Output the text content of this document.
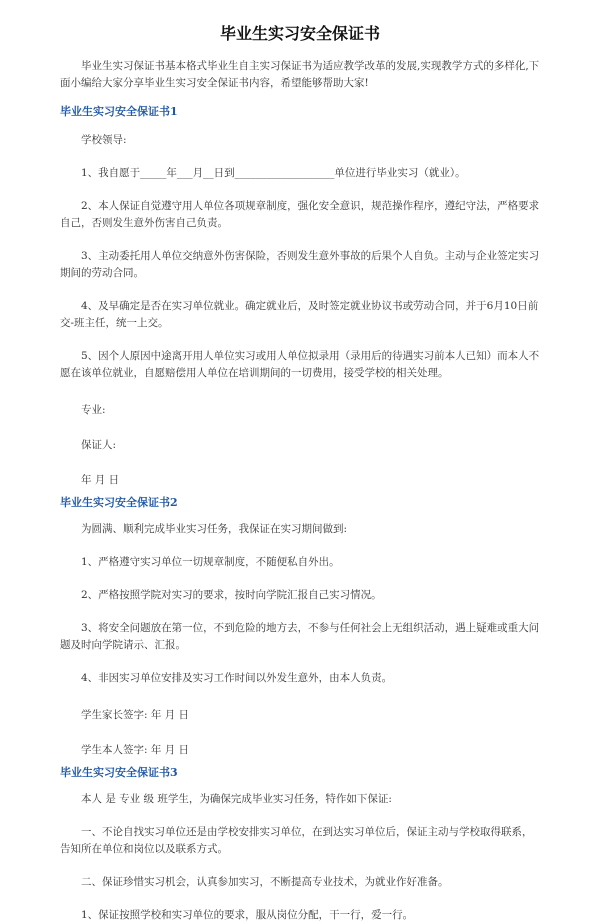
毕业生实习安全保证书

毕业生实习保证书基本格式毕业生自主实习保证书为适应教学改革的发展,实现教学方式的多样化,下面小编给大家分享毕业生实习安全保证书内容，希望能够帮助大家!

毕业生实习安全保证书1

学校领导:

1、我自愿于_____年___月__日到___________________单位进行毕业实习（就业）。

2、本人保证自觉遵守用人单位各项规章制度，强化安全意识，规范操作程序，遵纪守法，严格要求自己，否则发生意外伤害自己负责。

3、主动委托用人单位交纳意外伤害保险，否则发生意外事故的后果个人自负。主动与企业签定实习期间的劳动合同。

4、及早确定是否在实习单位就业。确定就业后，及时签定就业协议书或劳动合同，并于6月10日前交-班主任，统一上交。

5、因个人原因中途离开用人单位实习或用人单位拟录用（录用后的待遇实习前本人已知）而本人不愿在该单位就业，自愿赔偿用人单位在培训期间的一切费用，接受学校的相关处理。

专业:

保证人:

年 月 日

毕业生实习安全保证书2

为圆满、顺利完成毕业实习任务，我保证在实习期间做到:

1、严格遵守实习单位一切规章制度，不随便私自外出。

2、严格按照学院对实习的要求，按时向学院汇报自己实习情况。

3、将安全问题放在第一位，不到危险的地方去，不参与任何社会上无组织活动，遇上疑难或重大问题及时向学院请示、汇报。

4、非因实习单位安排及实习工作时间以外发生意外，由本人负责。

学生家长签字: 年 月 日

学生本人签字: 年 月 日

毕业生实习安全保证书3

本人 是 专业 级 班学生，为确保完成毕业实习任务，特作如下保证:

一、不论自找实习单位还是由学校安排实习单位，在到达实习单位后，保证主动与学校取得联系，告知所在单位和岗位以及联系方式。

二、保证珍惜实习机会，认真参加实习，不断提高专业技术，为就业作好准备。

1、保证按照学校和实习单位的要求，服从岗位分配，干一行，爱一行。
